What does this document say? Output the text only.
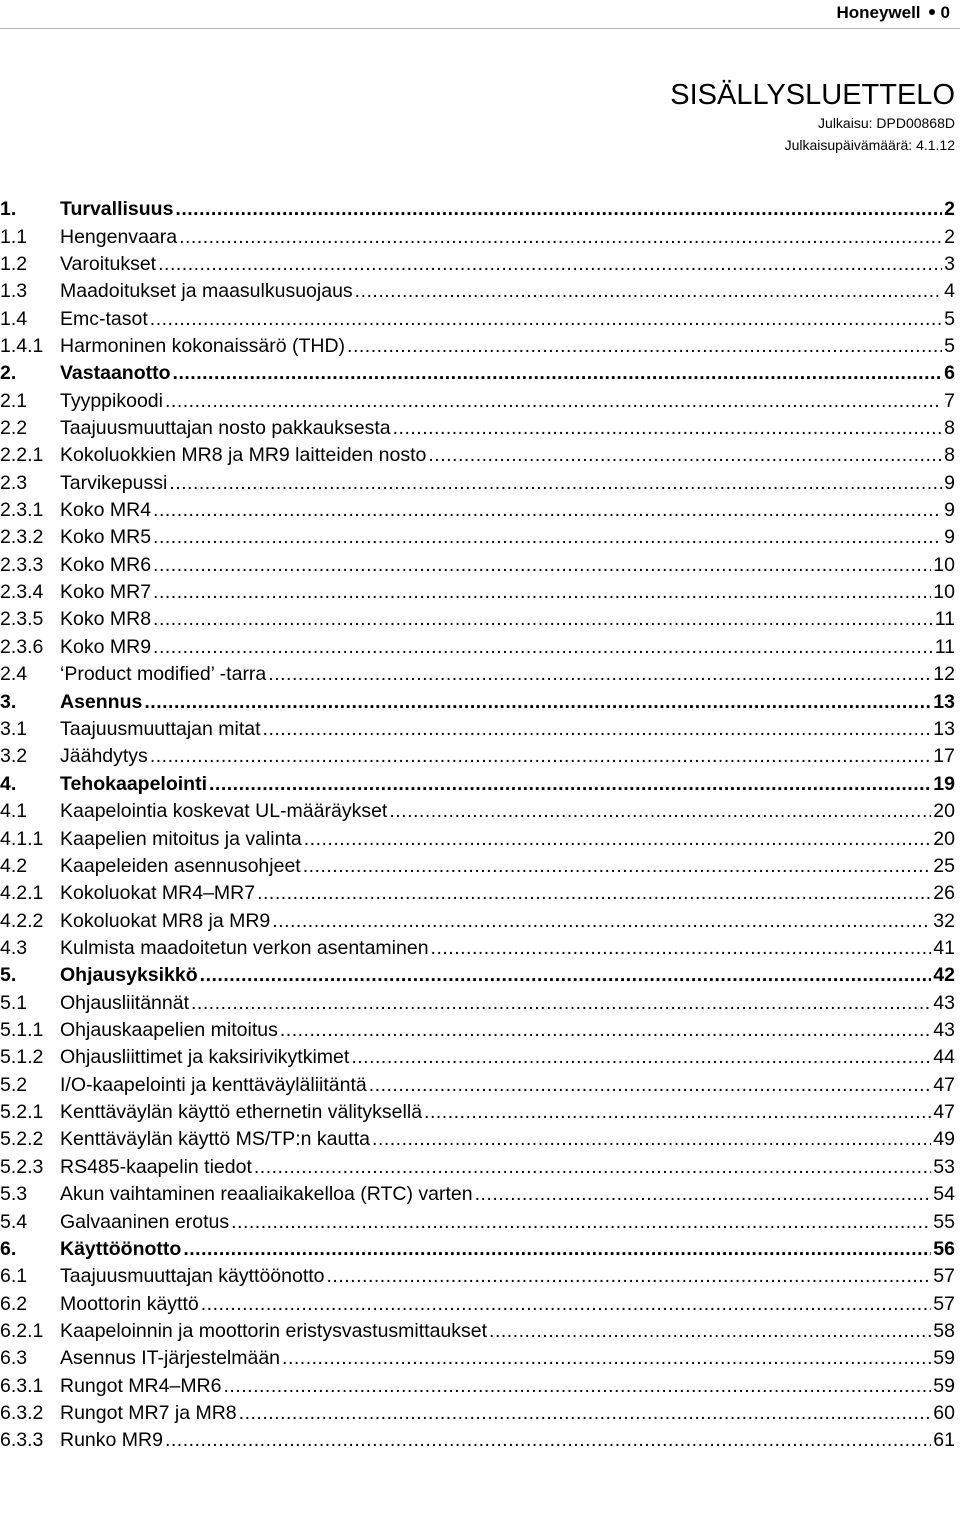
Honeywell 0
SISÄLLYSLUETTELO
Julkaisu: DPD00868D
Julkaisupäivämäärä: 4.1.12
1.	Turvallisuus .....	2
1.1	Hengenvaara .....	2
1.2	Varoitukset .....	3
1.3	Maadoitukset ja maasulkusuojaus .....	4
1.4	Emc-tasot .....	5
1.4.1 Harmoninen kokonaissärö (THD) .....	5
2.	Vastaanotto .....	6
2.1	Tyyppikoodi .....	7
2.2	Taajuusmuuttajan nosto pakkauksesta .....	8
2.2.1 Kokoluokkien MR8 ja MR9 laitteiden nosto .....	8
2.3	Tarvikepussi .....	9
2.3.1 Koko MR4 .....	9
2.3.2 Koko MR5 .....	9
2.3.3 Koko MR6 .....	10
2.3.4 Koko MR7 .....	10
2.3.5 Koko MR8 .....	11
2.3.6 Koko MR9 .....	11
2.4	‘Product modified’ -tarra .....	12
3.	Asennus .....	13
3.1	Taajuusmuuttajan mitat .....	13
3.2	Jäähdytys .....	17
4.	Tehokaapelointi .....	19
4.1	Kaapelointia koskevat UL-määräykset .....	20
4.1.1 Kaapelien mitoitus ja valinta .....	20
4.2	Kaapeleiden asennusohjeet .....	25
4.2.1 Kokoluokat MR4–MR7 .....	26
4.2.2 Kokoluokat MR8 ja MR9 .....	32
4.3	Kulmista maadoitetun verkon asentaminen .....	41
5.	Ohjausyksikkö .....	42
5.1	Ohjausliitännät .....	43
5.1.1 Ohjauskaapelien mitoitus .....	43
5.1.2 Ohjausliittimet ja kaksirivikytkimet .....	44
5.2	I/O-kaapelointi ja kenttäväyläliitäntä .....	47
5.2.1 Kenttäväylän käyttö ethernetin välityksellä .....	47
5.2.2 Kenttäväylän käyttö MS/TP:n kautta .....	49
5.2.3 RS485-kaapelin tiedot .....	53
5.3	Akun vaihtaminen reaaliaikakelloa (RTC) varten .....	54
5.4	Galvaaninen erotus .....	55
6.	Käyttöönotto .....	56
6.1	Taajuusmuuttajan käyttöönotto .....	57
6.2	Moottorin käyttö .....	57
6.2.1 Kaapeloinnin ja moottorin eristysvastusmittaukset .....	58
6.3	Asennus IT-järjestelmään .....	59
6.3.1 Rungot MR4–MR6 .....	59
6.3.2 Rungot MR7 ja MR8 .....	60
6.3.3 Runko MR9 .....	61
